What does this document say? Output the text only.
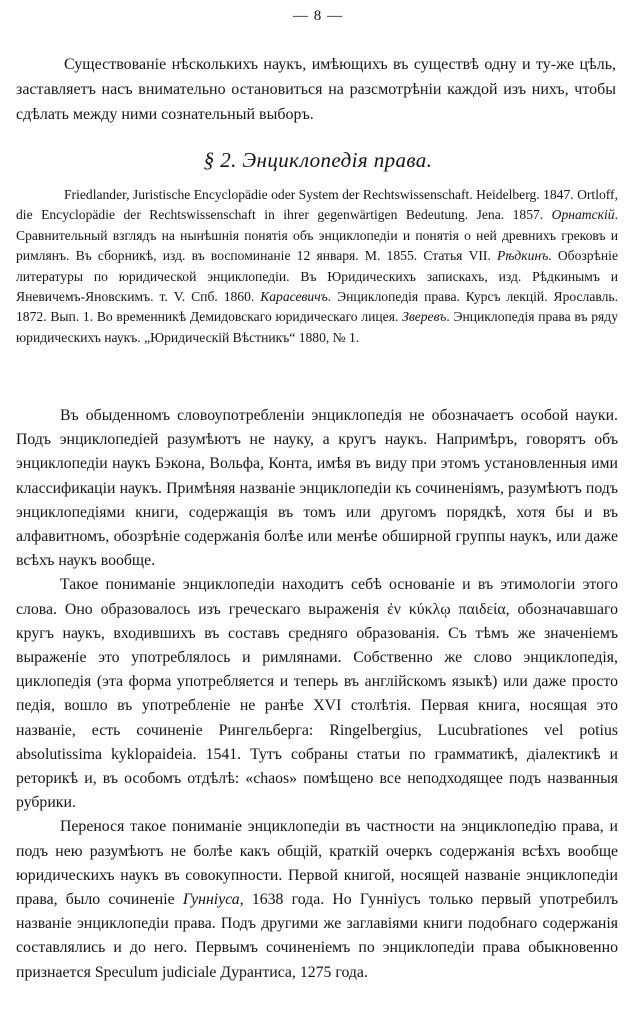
— 8 —

Существованіе нѣсколькихъ наукъ, имѣющихъ въ существѣ одну и ту-же цѣль, заставляетъ насъ внимательно остановиться на разсмотрѣніи каждой изъ нихъ, чтобы сдѣлать между ними сознательный выборъ.

§ 2. Энциклопедія права.

Friedlander, Juristische Encyclopädie oder System der Rechtswissenschaft. Heidelberg. 1847. Ortloff, die Encyclopädie der Rechtswissenschaft in ihrer gegenwärtigen Bedeutung. Jena. 1857. Орнатскій. Сравнительный взглядъ на нынѣшнія понятія объ энциклопедіи и понятія о ней древнихъ грековъ и римлянъ. Въ сборникѣ, изд. въ воспоминаніе 12 января. М. 1855. Статья VII. Рѣдкинъ. Обозрѣніе литературы по юридической энциклопедіи. Въ Юридическихъ запискахъ, изд. Рѣдкинымъ и Яневичемъ-Яновскимъ. т. V. Спб. 1860. Карасевичъ. Энциклопедія права. Курсъ лекцій. Ярославль. 1872. Вып. 1. Во временникѣ Демидовскаго юридическаго лицея. Зверевъ. Энциклопедія права въ ряду юридическихъ наукъ. „Юридическій Вѣстникъ“ 1880, № 1.

Въ обыденномъ словоупотребленіи энциклопедія не обозначаетъ особой науки. Подъ энциклопедіей разумѣютъ не науку, а кругъ наукъ. Напримѣръ, говорятъ объ энциклопедіи наукъ Бэкона, Вольфа, Конта, имѣя въ виду при этомъ установленныя ими классификаціи наукъ. Примѣняя названіе энциклопедіи къ сочиненіямъ, разумѣютъ подъ энциклопедіями книги, содержащія въ томъ или другомъ порядкѣ, хотя бы и въ алфавитномъ, обозрѣніе содержанія болѣе или менѣе обширной группы наукъ, или даже всѣхъ наукъ вообще.

Такое пониманіе энциклопедіи находитъ себѣ основаніе и въ этимологіи этого слова. Оно образовалось изъ греческаго выраженія ἐν κύκλῳ παιδεία, обозначавшаго кругъ наукъ, входившихъ въ составъ средняго образованія. Съ тѣмъ же значеніемъ выраженіе это употреблялось и римлянами. Собственно же слово энциклопедія, циклопедія (эта форма употребляется и теперь въ англійскомъ языкѣ) или даже просто педія, вошло въ употребленіе не ранѣе XVI столѣтія. Первая книга, носящая это названіе, есть сочиненіе Рингельберга: Ringelbergius, Lucubrationes vel potius absolutissima kyklopaideia. 1541. Тутъ собраны статьи по грамматикѣ, діалектикѣ и реторикѣ и, въ особомъ отдѣлѣ: «chaos» помѣщено все неподходящее подъ названныя рубрики.

Перенося такое пониманіе энциклопедіи въ частности на энциклопедію права, и подъ нею разумѣютъ не болѣе какъ общій, краткій очеркъ содержанія всѣхъ вообще юридическихъ наукъ въ совокупности. Первой книгой, носящей названіе энциклопедіи права, было сочиненіе Гунніуса, 1638 года. Но Гунніусъ только первый употребилъ названіе энциклопедіи права. Подъ другими же заглавіями книги подобнаго содержанія составлялись и до него. Первымъ сочиненіемъ по энциклопедіи права обыкновенно признается Speculum judiciale Дурантиса, 1275 года.
